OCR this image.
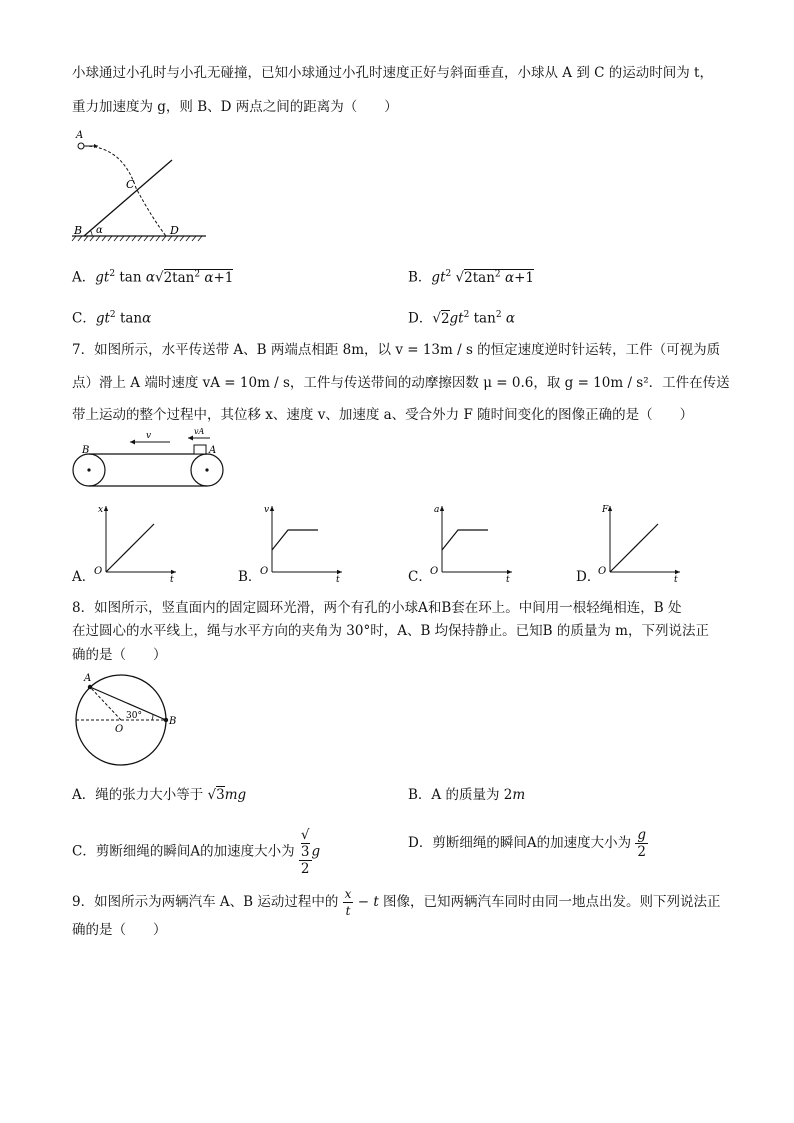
小球通过小孔时与小孔无碰撞，已知小球通过小孔时速度正好与斜面垂直，小球从 A 到 C 的运动时间为 t，
重力加速度为 g，则 B、D 两点之间的距离为（　　）
A
C
B α	D
A．$gt^2$ $\tan \alpha√2\tan^2$ α+1	B．$gt^2$ $√2\tan^2$ α+1
C．$gt^2$ tanα	D．$√2gt^2$ $\tan^2 \alpha$
7．如图所示，水平传送带 A、B 两端点相距 8m，以 v = 13m / s 的恒定速度逆时针运转，工件（可视为质
点）滑上 A 端时速度 vA = 10m / s，工件与传送带间的动摩擦因数 μ = 0.6，取 g = 10m / s²．工件在传送
带上运动的整个过程中，其位移 x、速度 v、加速度 a、受合外力 F 随时间变化的图像正确的是（　　）
v	vA
B	A
A．
x
t
O	B．
v
t
O	C．
a
t
O	D．
F
t
O
8．如图所示，竖直面内的固定圆环光滑，两个有孔的小球A和B套在环上。中间用一根轻绳相连，B 处
在过圆心的水平线上，绳与水平方向的夹角为 30°时，A、B 均保持静止。已知B 的质量为 m，下列说法正
确的是（　　）
A
B
O
30°
A．绳的张力大小等于 √3mg	B．A 的质量为 2m
C．剪断细绳的瞬间A的加速度大小为 √
3
2 g
D．剪断细绳的瞬间A的加速度大小为 $\frac{g}{2}$
9．如图所示为两辆汽车 A、B 运动过程中的 $\frac{x}{t} - t$ 图像，已知两辆汽车同时由同一地点出发。则下列说法正
确的是（　　）
